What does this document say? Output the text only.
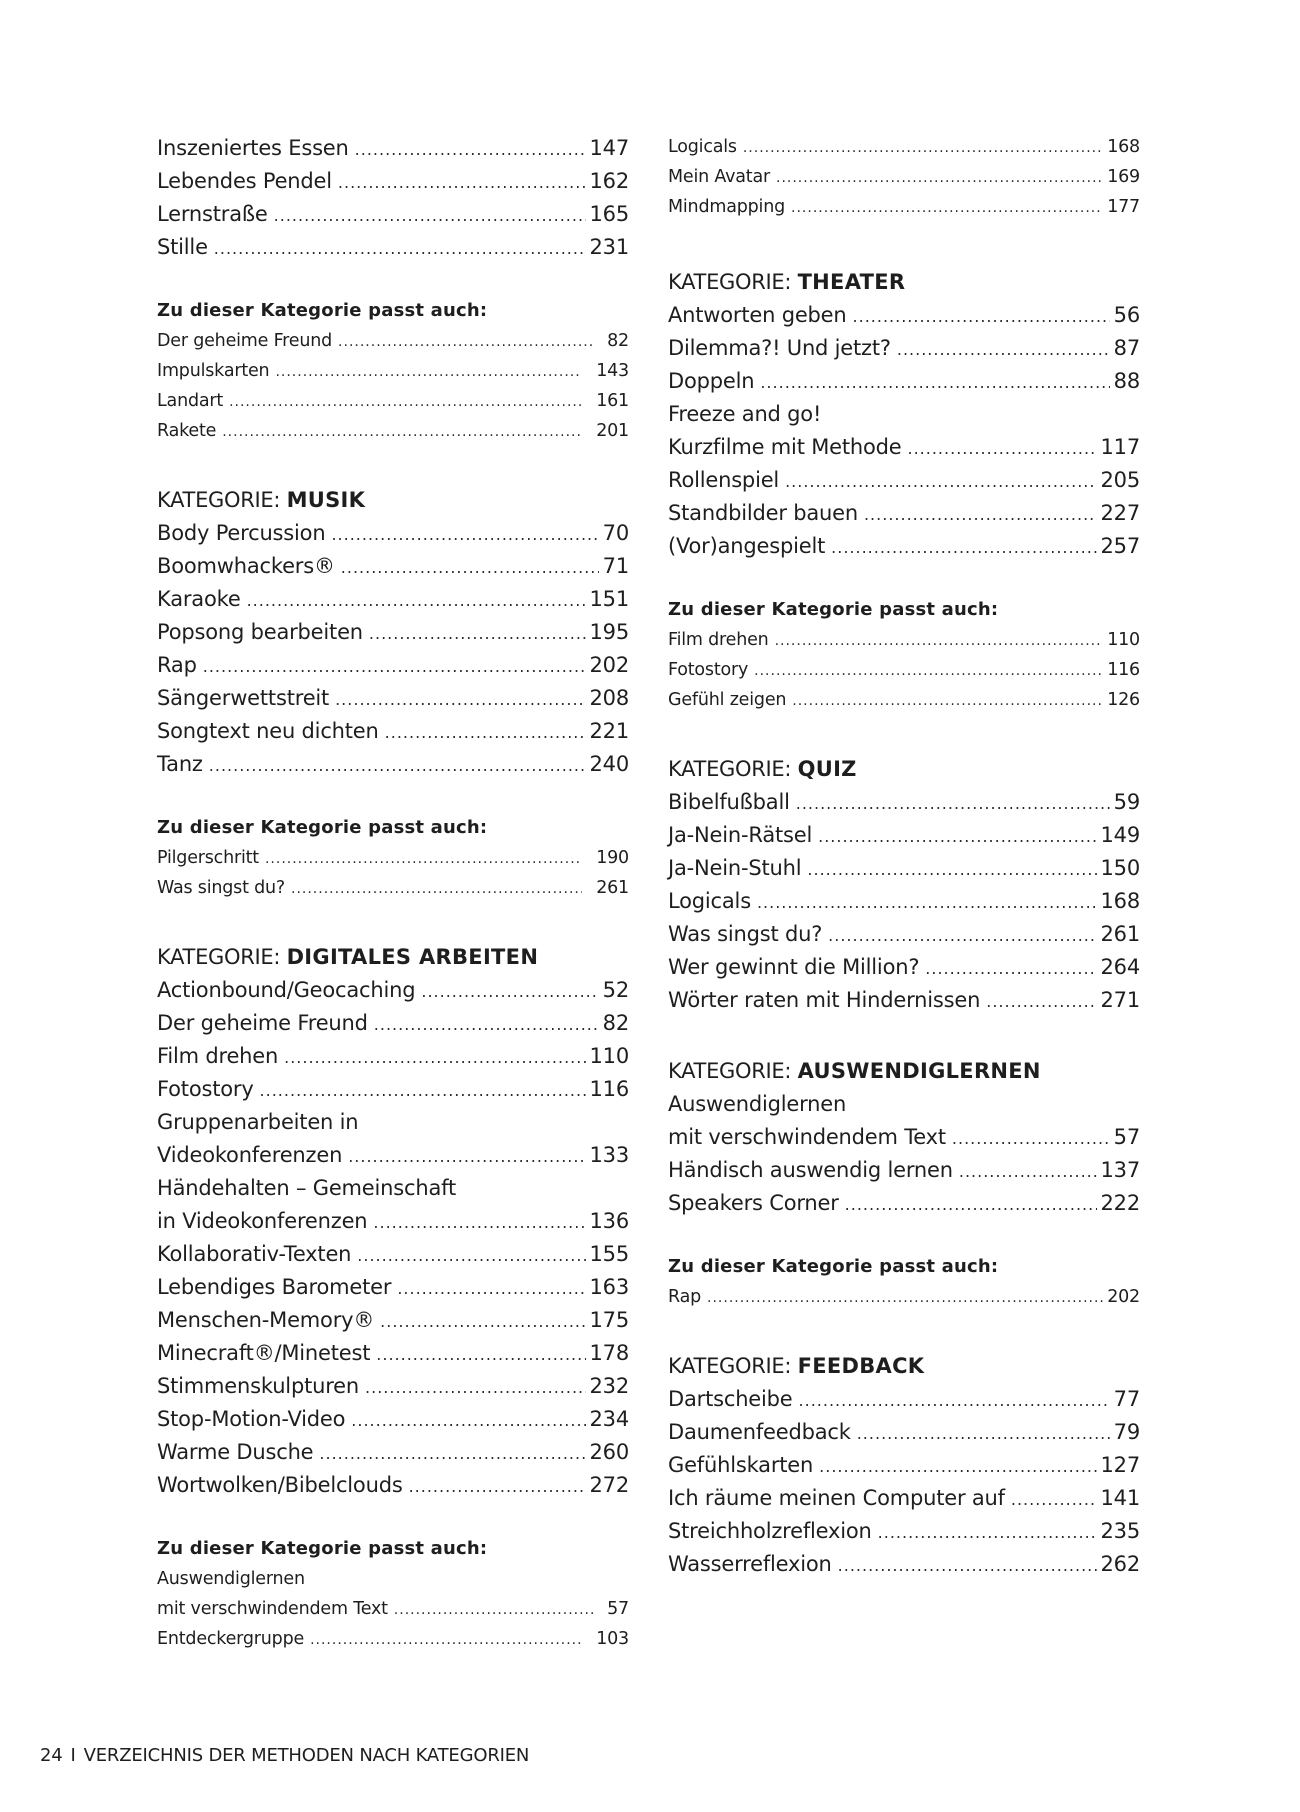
Inszeniertes Essen .....	147
Lebendes Pendel .....	162
Lernstraße .....	165
Stille .....	231
Zu dieser Kategorie passt auch:
Der geheime Freund .....	82
Impulskarten .....	143
Landart .....	161
Rakete .....	201
KATEGORIE: MUSIK
Body Percussion .....	70
Boomwhackers® .....	71
Karaoke .....	151
Popsong bearbeiten .....	195
Rap .....	202
Sängerwettstreit .....	208
Songtext neu dichten .....	221
Tanz .....	240
Zu dieser Kategorie passt auch:
Pilgerschritt .....	190
Was singst du? .....	261
KATEGORIE: DIGITALES ARBEITEN
Actionbound/Geocaching .....	52
Der geheime Freund .....	82
Film drehen .....	110
Fotostory .....	116
Gruppenarbeiten in
Videokonferenzen .....	133
Händehalten – Gemeinschaft
in Videokonferenzen .....	136
Kollaborativ-Texten .....	155
Lebendiges Barometer .....	163
Menschen-Memory® .....	175
Minecraft®/Minetest .....	178
Stimmenskulpturen .....	232
Stop-Motion-Video .....	234
Warme Dusche .....	260
Wortwolken/Bibelclouds .....	272
Zu dieser Kategorie passt auch:
Auswendiglernen
mit verschwindendem Text .....	57
Entdeckergruppe .....	103
Logicals .....	168
Mein Avatar .....	169
Mindmapping .....	177
KATEGORIE: THEATER
Antworten geben .....	56
Dilemma?! Und jetzt? .....	87
Doppeln .....	88
Freeze and go!
Kurzfilme mit Methode .....	117
Rollenspiel .....	205
Standbilder bauen .....	227
(Vor)angespielt .....	257
Zu dieser Kategorie passt auch:
Film drehen .....	110
Fotostory .....	116
Gefühl zeigen .....	126
KATEGORIE: QUIZ
Bibelfußball .....	59
Ja-Nein-Rätsel .....	149
Ja-Nein-Stuhl .....	150
Logicals .....	168
Was singst du? .....	261
Wer gewinnt die Million? .....	264
Wörter raten mit Hindernissen .....	271
KATEGORIE: AUSWENDIGLERNEN
Auswendiglernen
mit verschwindendem Text .....	57
Händisch auswendig lernen .....	137
Speakers Corner .....	222
Zu dieser Kategorie passt auch:
Rap .....	202
KATEGORIE: FEEDBACK
Dartscheibe .....	77
Daumenfeedback .....	79
Gefühlskarten .....	127
Ich räume meinen Computer auf .....	141
Streichholzreflexion .....	235
Wasserreflexion .....	262
24 I VERZEICHNIS DER METHODEN NACH KATEGORIEN
